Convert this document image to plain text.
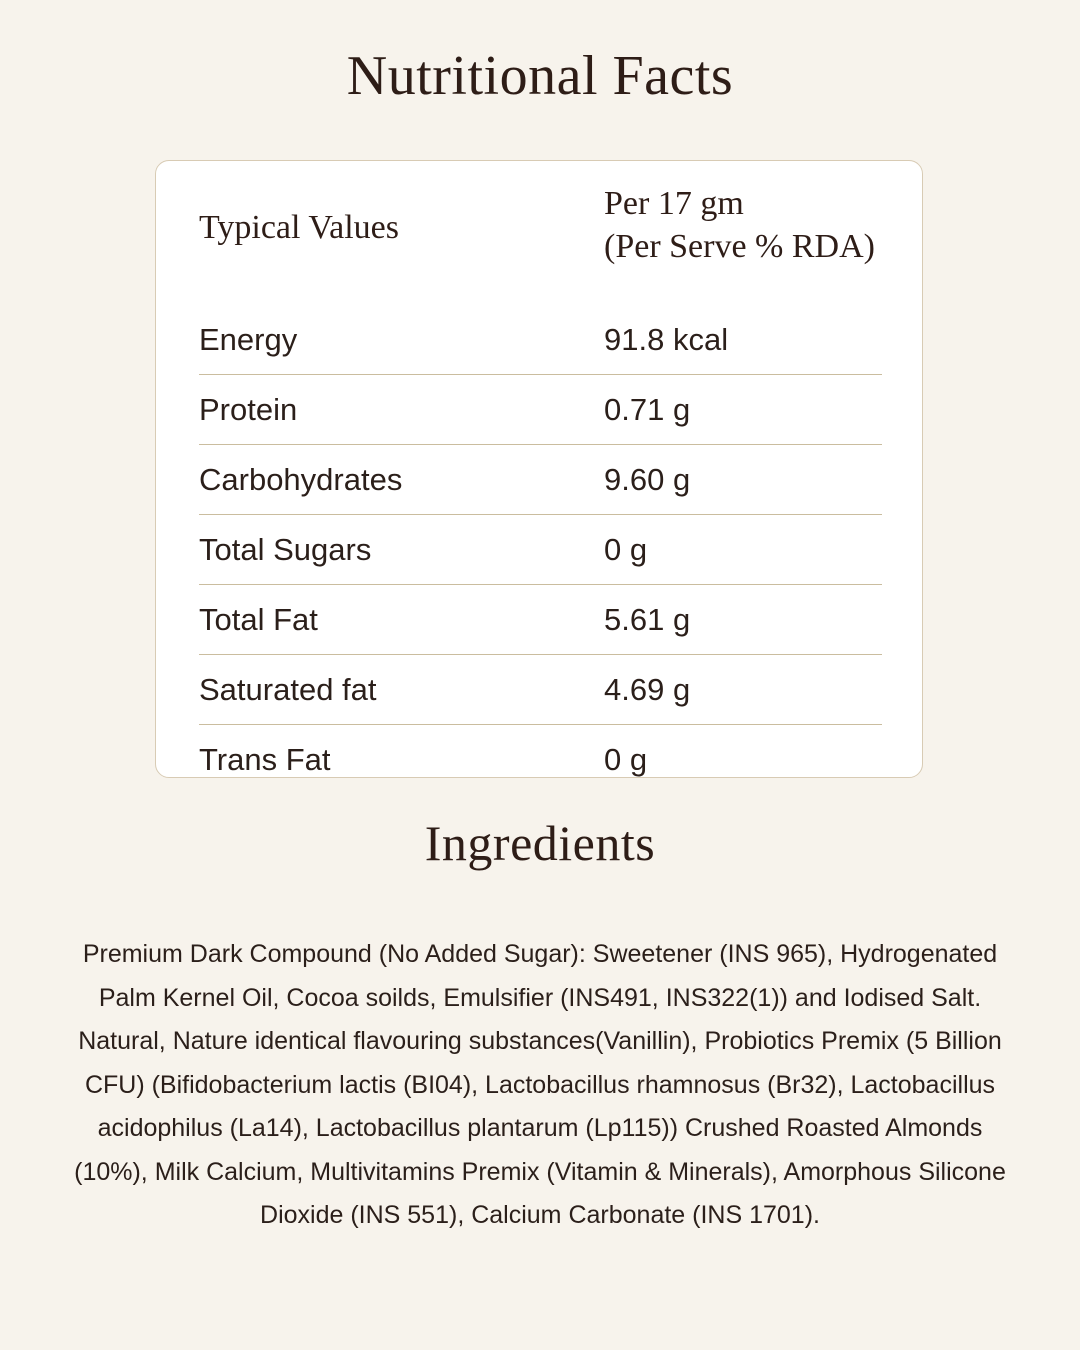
Nutritional Facts
Typical Values	Per 17 gm
(Per Serve % RDA)

Energy	91.8 kcal
Protein	0.71 g
Carbohydrates	9.60 g
Total Sugars	0 g
Total Fat	5.61 g
Saturated fat	4.69 g
Trans Fat	0 g
Ingredients

Premium Dark Compound (No Added Sugar): Sweetener (INS 965), Hydrogenated Palm Kernel Oil, Cocoa soilds, Emulsifier (INS491, INS322(1)) and Iodised Salt. Natural, Nature identical flavouring substances(Vanillin), Probiotics Premix (5 Billion CFU) (Bifidobacterium lactis (BI04), Lactobacillus rhamnosus (Br32), Lactobacillus acidophilus (La14), Lactobacillus plantarum (Lp115)) Crushed Roasted Almonds (10%), Milk Calcium, Multivitamins Premix (Vitamin & Minerals), Amorphous Silicone Dioxide (INS 551), Calcium Carbonate (INS 1701).
